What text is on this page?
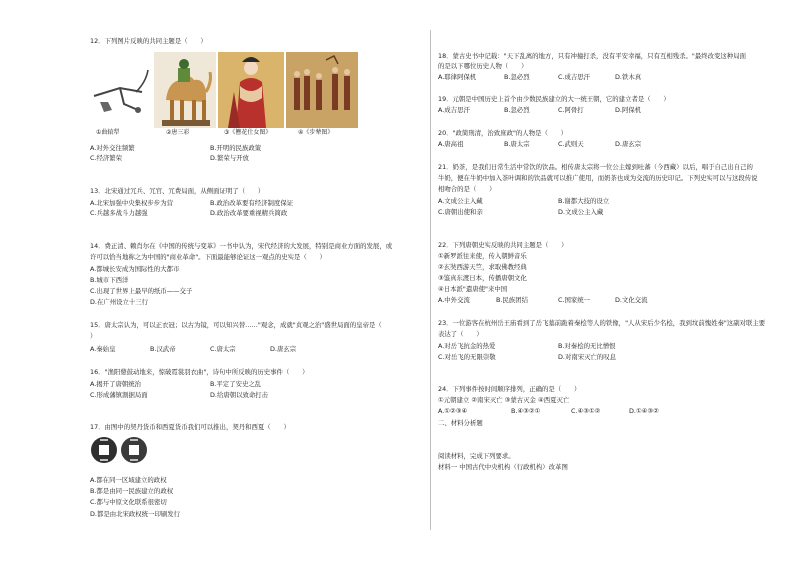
12．下列图片反映的共同主题是（　　）
①曲辕犁	②唐三彩	③《簪花仕女图》	④《步辇图》
A.对外交往频繁	B.开明的民族政策
C.经济繁荣	D.繁荣与开放
13．北宋通过冗兵、冗官、冗费局面，从侧面证明了（　　）
A.北宋加强中央集权步步为营	B.政治改革要有经济制度保证
C.兵越多战斗力越强	D.政治改革要重视精兵简政
14．费正清、赖肖尔在《中国的传统与变革》一书中认为，宋代经济的大发展，特别是商业方面的发展，或
许可以恰当地称之为中国的"商业革命"。下面最能够论证这一观点的史实是（　　）
A.都城长安成为国际性的大都市
B.城市下西洋
C.出现了世界上最早的纸币——交子
D.在广州设立十三行
15．唐太宗认为，可以正衣冠；以古为镜，可以知兴替……"观念，成就"贞观之治"盛世局面的皇帝是（
）
A.秦始皇	B.汉武帝	C.唐太宗	D.唐玄宗
16．"渔阳鼙鼓动地来，惊破霓裳羽衣曲"，诗句中所反映的历史事件（　　）
A.揭开了唐朝统治	B.平定了安史之乱
C.形成藩镇割据局面	D.给唐朝以致命打击
17．由图中的契丹货币和西夏货币我们可以推出，契丹和西夏（　　）
A.都在同一区域建立的政权
B.都是由同一民族建立的政权
C.都与中原文化联系很密切
D.都是由北宋政权统一印刷发行
18．蒙古史书中记载："天下乱离的地方，只有冲撞打杀，没有平安幸福，只有互相残杀。"最终改变这种局面
的是以下哪位历史人物（　　）
A.耶律阿保机	B.忽必烈	C.成吉思汗	D.铁木真
19．元朝是中国历史上首个由少数民族建立的大一统王朝，它的建立者是（　　）
A.成吉思汗	B.忽必烈	C.阿骨打	D.阿保机
20．"政简刑清，治致庶政"的人物是（　　）
A.唐高祖	B.唐太宗	C.武则天	D.唐玄宗
21．奶茶，是我们日常生活中常饮的饮品。相传唐太宗将一位公主嫁到吐蕃（今西藏）以后，唱于自己出自己的
牛奶，便在牛奶中加入茶叶调和的饮品就可以推广使用，而奶茶也成为交流的历史印记。下列史实可以与这段传说
相吻合的是（　　）
A.文成公主入藏	B.谢都大技的设立
C.唐朝出使和亲	D.文成公主入藏
22．下列唐朝史实反映的共同主题是（　　）
①新罗派往来使，传入朝鲜音乐
②玄奘西游天竺，求取佛教经典
③鉴真东渡日本，传播唐朝文化
④日本派"遣唐使"来中国
A.中外交流	B.民族团结	C.国家统一	D.文化交流
23．一位游客在杭州岳王庙看到了岳飞墓前跪着秦桧等人的铁像，"人从宋后少名桧，我到坟前愧姓秦"这副对联主要
表达了（　　）
A.对岳飞抗金的热爱	B.对秦桧的无比憎恨
C.对岳飞的无限崇敬	D.对南宋灭亡的叹息
24．下列事件按时间顺序排列，正确的是（　　）
①元朝建立 ②南宋灭亡 ③蒙古灭金 ④西夏灭亡
A.①②③④	B.④③②①	C.④③①②	D.①④③②
二、材料分析题
阅读材料，完成下列要求。
材料一 中国古代中央机构（行政机构）改革图
